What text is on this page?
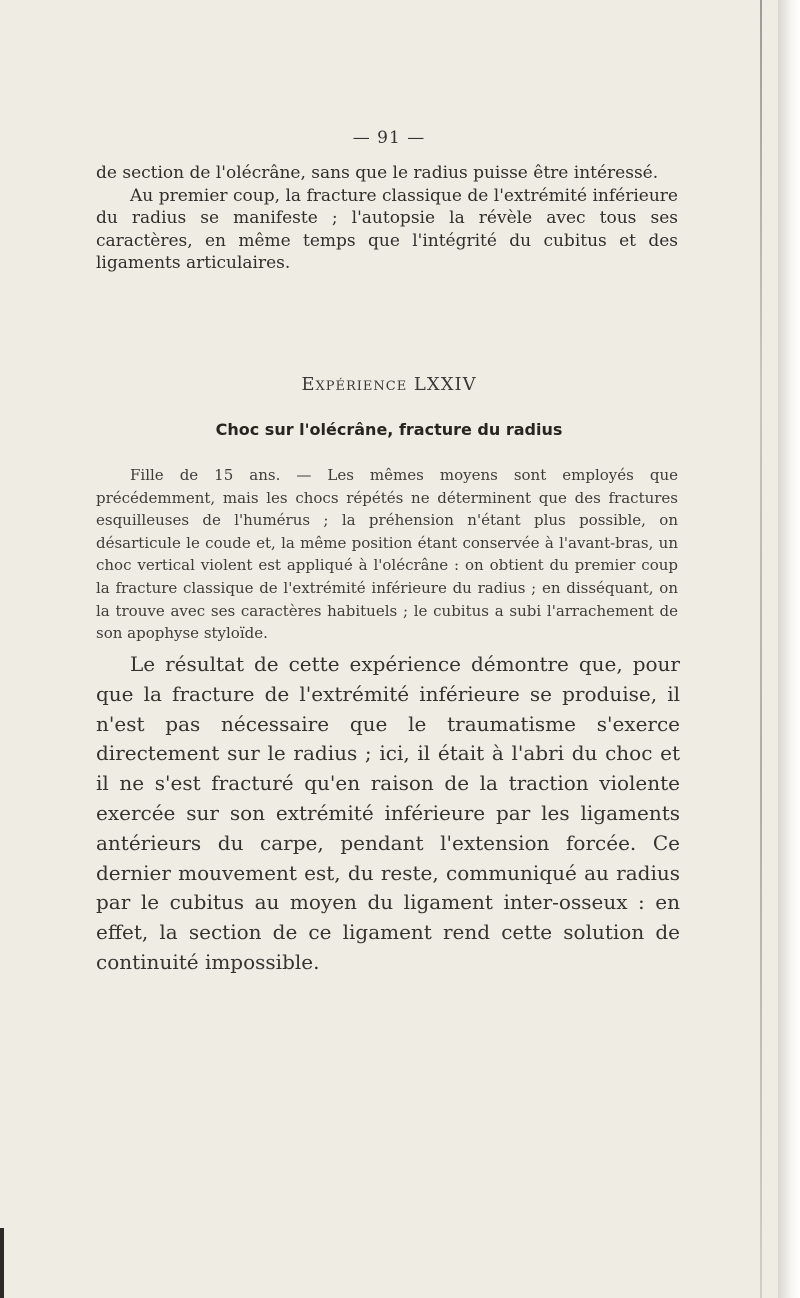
— 91 —

de section de l'olécrâne, sans que le radius puisse être intéressé.

Au premier coup, la fracture classique de l'extrémité inférieure du radius se manifeste ; l'autopsie la révèle avec tous ses caractères, en même temps que l'intégrité du cubitus et des ligaments articulaires.

Expérience LXXIV
Choc sur l'olécrâne, fracture du radius

Fille de 15 ans. — Les mêmes moyens sont employés que précédemment, mais les chocs répétés ne déterminent que des fractures esquilleuses de l'humérus ; la préhension n'étant plus possible, on désarticule le coude et, la même position étant conservée à l'avant-bras, un choc vertical violent est appliqué à l'olécrâne : on obtient du premier coup la fracture classique de l'extrémité inférieure du radius ; en disséquant, on la trouve avec ses caractères habituels ; le cubitus a subi l'arrachement de son apophyse styloïde.

Le résultat de cette expérience démontre que, pour que la fracture de l'extrémité inférieure se produise, il n'est pas nécessaire que le traumatisme s'exerce directement sur le radius ; ici, il était à l'abri du choc et il ne s'est fracturé qu'en raison de la traction violente exercée sur son extrémité inférieure par les ligaments antérieurs du carpe, pendant l'extension forcée. Ce dernier mouvement est, du reste, communiqué au radius par le cubitus au moyen du ligament inter-osseux : en effet, la section de ce ligament rend cette solution de continuité impossible.
